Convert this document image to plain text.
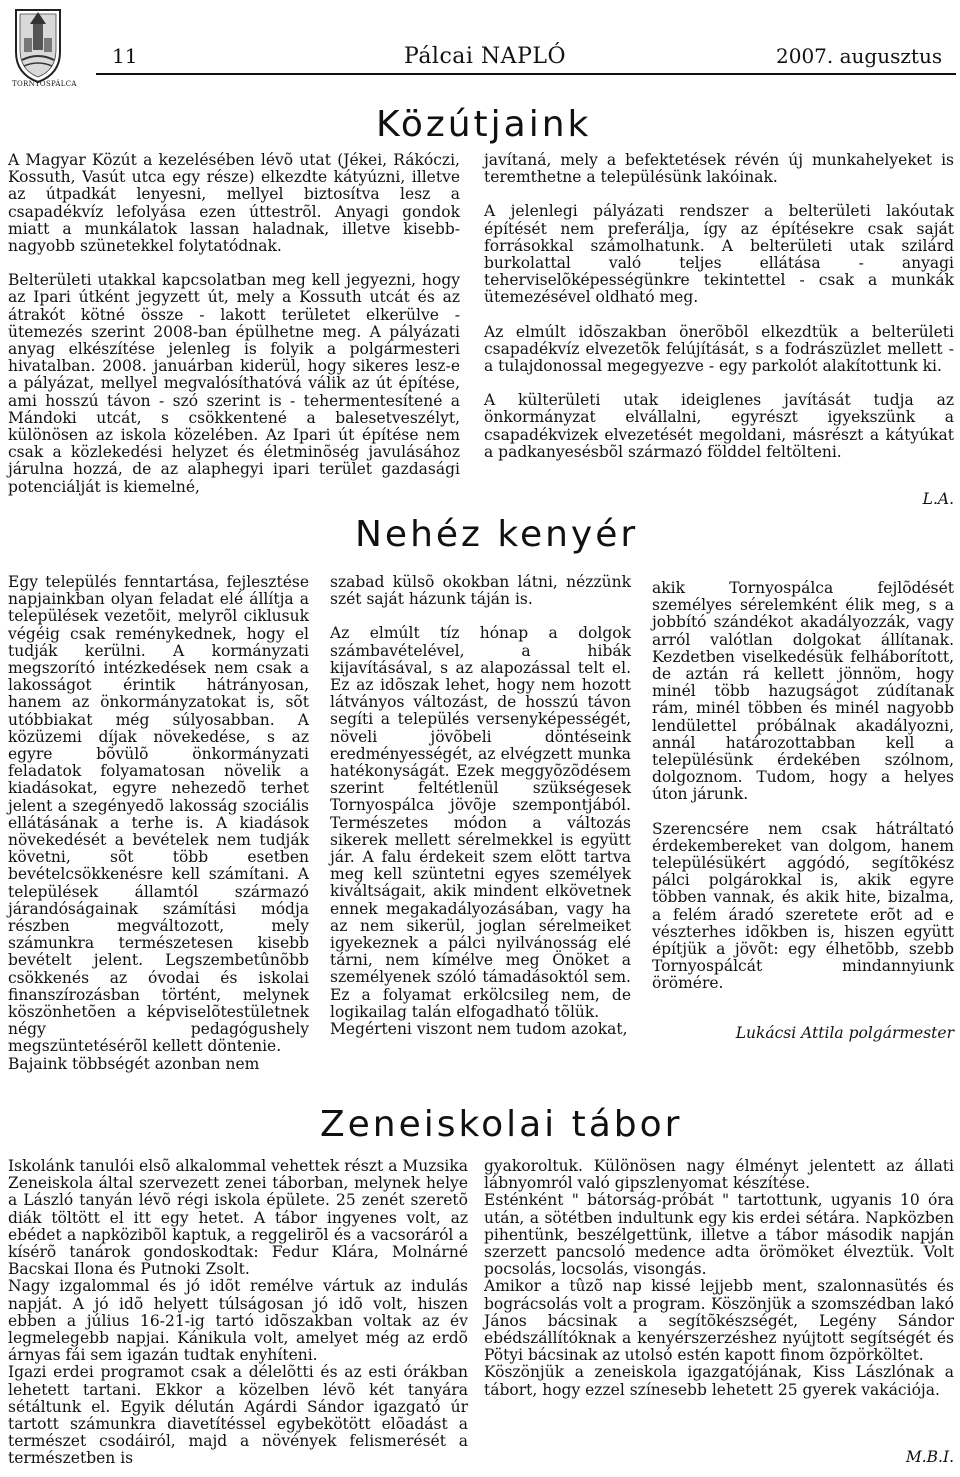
TORNYOSPÁLCA
11	Pálcai NAPLÓ	2007. augusztus
Közútjaink

A Magyar Közút a kezelésében lévõ utat (Jékei, Rákóczi, Kossuth, Vasút utca egy része) elkezdte kátyúzni, illetve az útpadkát lenyesni, mellyel biztosítva lesz a csapadékvíz lefolyása ezen úttestrõl. Anyagi gondok miatt a munkálatok lassan haladnak, illetve kisebb-nagyobb szünetekkel folytatódnak.

Belterületi utakkal kapcsolatban meg kell jegyezni, hogy az Ipari útként jegyzett út, mely a Kossuth utcát és az átrakót kötné össze - lakott területet elkerülve - ütemezés szerint 2008-ban épülhetne meg. A pályázati anyag elkészítése jelenleg is folyik a polgármesteri hivatalban. 2008. januárban kiderül, hogy sikeres lesz-e a pályázat, mellyel megvalósíthatóvá válik az út építése, ami hosszú távon - szó szerint is - tehermentesítené a Mándoki utcát, s csökkentené a balesetveszélyt, különösen az iskola közelében. Az Ipari út építése nem csak a közlekedési helyzet és életminõség javulásához járulna hozzá, de az alaphegyi ipari terület gazdasági potenciálját is kiemelné,

javítaná, mely a befektetések révén új munkahelyeket is teremthetne a településünk lakóinak.

A jelenlegi pályázati rendszer a belterületi lakóutak építését nem preferálja, így az építésekre csak saját forrásokkal számolhatunk. A belterületi utak szilárd burkolattal való teljes ellátása - anyagi teherviselõképességünkre tekintettel - csak a munkák ütemezésével oldható meg.

Az elmúlt idõszakban önerõbõl elkezdtük a belterületi csapadékvíz elvezetõk felújítását, s a fodrászüzlet mellett - a tulajdonossal megegyezve - egy parkolót alakítottunk ki.

A külterületi utak ideiglenes javítását tudja az önkormányzat elvállalni, egyrészt igyekszünk a csapadékvizek elvezetését megoldani, másrészt a kátyúkat a padkanyesésbõl származó földdel feltölteni.

L.A.
Nehéz kenyér

Egy település fenntartása, fejlesztése napjainkban olyan feladat elé állítja a települések vezetõit, melyrõl ciklusuk végéig csak reménykednek, hogy el tudják kerülni. A kormányzati megszorító intézkedések nem csak a lakosságot érintik hátrányosan, hanem az önkormányzatokat is, sõt utóbbiakat még súlyosabban. A közüzemi díjak növekedése, s az egyre bõvülõ önkormányzati feladatok folyamatosan növelik a kiadásokat, egyre nehezedõ terhet jelent a szegényedõ lakosság szociális ellátásának a terhe is. A kiadások növekedését a bevételek nem tudják követni, sõt több esetben bevételcsökkenésre kell számítani. A települések államtól származó járandóságainak számítási módja részben megváltozott, mely számunkra természetesen kisebb bevételt jelent. Legszembetûnõbb csökkenés az óvodai és iskolai finanszírozásban történt, melynek köszönhetõen a képviselõtestületnek négy pedagógushely megszüntetésérõl kellett döntenie.

Bajaink többségét azonban nem

szabad külsõ okokban látni, nézzünk szét saját házunk táján is.

Az elmúlt tíz hónap a dolgok számbavételével, a hibák kijavításával, s az alapozással telt el. Ez az idõszak lehet, hogy nem hozott látványos változást, de hosszú távon segíti a település versenyképességét, növeli jövõbeli döntéseink eredményességét, az elvégzett munka hatékonyságát. Ezek meggyõzõdésem szerint feltétlenül szükségesek Tornyospálca jövõje szempontjából. Természetes módon a változás sikerek mellett sérelmekkel is együtt jár. A falu érdekeit szem elõtt tartva meg kell szüntetni egyes személyek kiváltságait, akik mindent elkövetnek ennek megakadályozásában, vagy ha az nem sikerül, joglan sérelmeiket igyekeznek a pálci nyilvánosság elé tárni, nem kímélve meg Önöket a személyenek szóló támadásoktól sem. Ez a folyamat erkölcsileg nem, de logikailag talán elfogadható tõlük.

Megérteni viszont nem tudom azokat,

akik Tornyospálca fejlõdését személyes sérelemként élik meg, s a jobbító szándékot akadályozzák, vagy arról valótlan dolgokat állítanak. Kezdetben viselkedésük felháborított, de aztán rá kellett jönnöm, hogy minél több hazugságot zúdítanak rám, minél többen és minél nagyobb lendülettel próbálnak akadályozni, annál határozottabban kell a településünk érdekében szólnom, dolgoznom. Tudom, hogy a helyes úton járunk.

Szerencsére nem csak hátráltató érdekembereket van dolgom, hanem településükért aggódó, segítõkész pálci polgárokkal is, akik egyre többen vannak, és akik hite, bizalma, a felém áradó szeretete erõt ad e vészterhes idõkben is, hiszen együtt építjük a jövõt: egy élhetõbb, szebb Tornyospálcát mindannyiunk örömére.

Lukácsi Attila polgármester
Zeneiskolai tábor

Iskolánk tanulói elsõ alkalommal vehettek részt a Muzsika Zeneiskola által szervezett zenei táborban, melynek helye a László tanyán lévõ régi iskola épülete. 25 zenét szeretõ diák töltött el itt egy hetet. A tábor ingyenes volt, az ebédet a napközibõl kaptuk, a reggelirõl és a vacsoráról a kísérõ tanárok gondoskodtak: Fedur Klára, Molnárné Bacskai Ilona és Putnoki Zsolt.

Nagy izgalommal és jó idõt remélve vártuk az indulás napját. A jó idõ helyett túlságosan jó idõ volt, hiszen ebben a július 16-21-ig tartó idõszakban voltak az év legmelegebb napjai. Kánikula volt, amelyet még az erdõ árnyas fái sem igazán tudtak enyhíteni.

Igazi erdei programot csak a délelõtti és az esti órákban lehetett tartani. Ekkor a közelben lévõ két tanyára sétáltunk el. Egyik délután Agárdi Sándor igazgató úr tartott számunkra diavetítéssel egybekötött elõadást a természet csodáiról, majd a növények felismerését a természetben is

gyakoroltuk. Különösen nagy élményt jelentett az állati lábnyomról való gipszlenyomat készítése.

Esténként " bátorság-próbát " tartottunk, ugyanis 10 óra után, a sötétben indultunk egy kis erdei sétára. Napközben pihentünk, beszélgettünk, illetve a tábor második napján szerzett pancsoló medence adta örömöket élveztük. Volt pocsolás, locsolás, visongás.

Amikor a tûzõ nap kissé lejjebb ment, szalonnasütés és bográcsolás volt a program. Köszönjük a szomszédban lakó János bácsinak a segítõkészségét, Legény Sándor ebédszállítóknak a kenyérszerzéshez nyújtott segítségét és Pötyi bácsinak az utolsó estén kapott finom õzpörköltet.

Köszönjük a zeneiskola igazgatójának, Kiss Lászlónak a tábort, hogy ezzel színesebb lehetett 25 gyerek vakációja.

M.B.I.
